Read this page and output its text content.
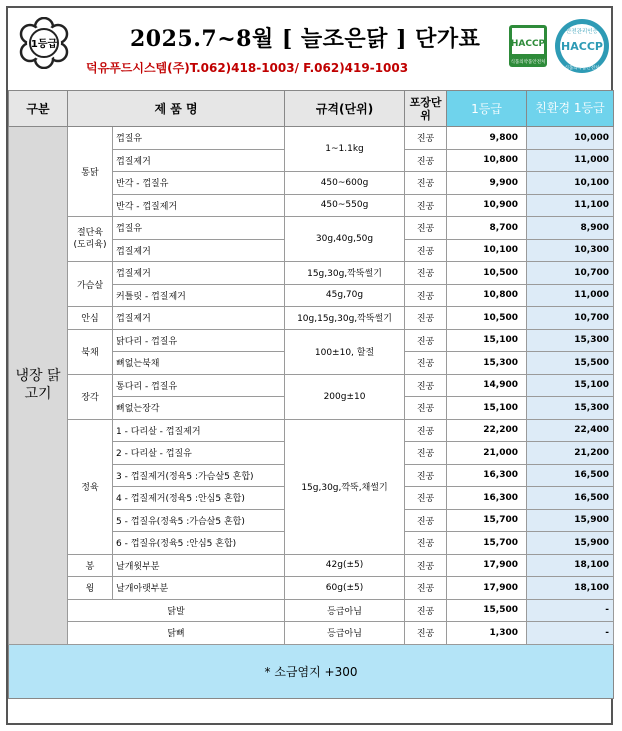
1등급	2025.7~8월 [ 늘조은닭 ] 단가표
덕유푸드시스템(주)T.062)418-1003/ F.062)419-1003
HACCP
식품의약품안전처
안전관리인증
HACCP
식품의약품안전처
구분	제 품 명		규격(단위)	포장단위	1등급	친환경 1등급
냉장 닭고기	통닭	껍질유	1~1.1kg	진공	9,800	10,000
		껍질제거		진공	10,800	11,000
		반각 - 껍질유	450~600g	진공	9,900	10,100
		반각 - 껍질제거	450~550g	진공	10,900	11,100
	절단육 (도리육)	껍질유	30g,40g,50g	진공	8,700	8,900
		껍질제거		진공	10,100	10,300
	가슴살	껍질제거	15g,30g,깍뚝썰기	진공	10,500	10,700
		커틀릿 - 껍질제거	45g,70g	진공	10,800	11,000
	안심	껍질제거	10g,15g,30g,깍뚝썰기	진공	10,500	10,700
	북채	닭다리 - 껍질유	100±10, 할절	진공	15,100	15,300
		뼈없는북채		진공	15,300	15,500
	장각	통다리 - 껍질유	200g±10	진공	14,900	15,100
		뼈없는장각		진공	15,100	15,300
	정육	1 - 다리살 - 껍질제거	15g,30g,깍뚝,채썰기	진공	22,200	22,400
		2 - 다리살 - 껍질유		진공	21,000	21,200
		3 - 껍질제거(정육5 :가슴살5 혼합)		진공	16,300	16,500
		4 - 껍질제거(정육5 :안심5 혼합)		진공	16,300	16,500
		5 - 껍질유(정육5 :가슴살5 혼합)		진공	15,700	15,900
		6 - 껍질유(정육5 :안심5 혼합)		진공	15,700	15,900
	봉	날개윗부분	42g(±5)	진공	17,900	18,100
	윙	날개아랫부분	60g(±5)	진공	17,900	18,100
	닭발		등급아님	진공	15,500	-
	닭뼈		등급아님	진공	1,300	-
* 소금염지 +300						
